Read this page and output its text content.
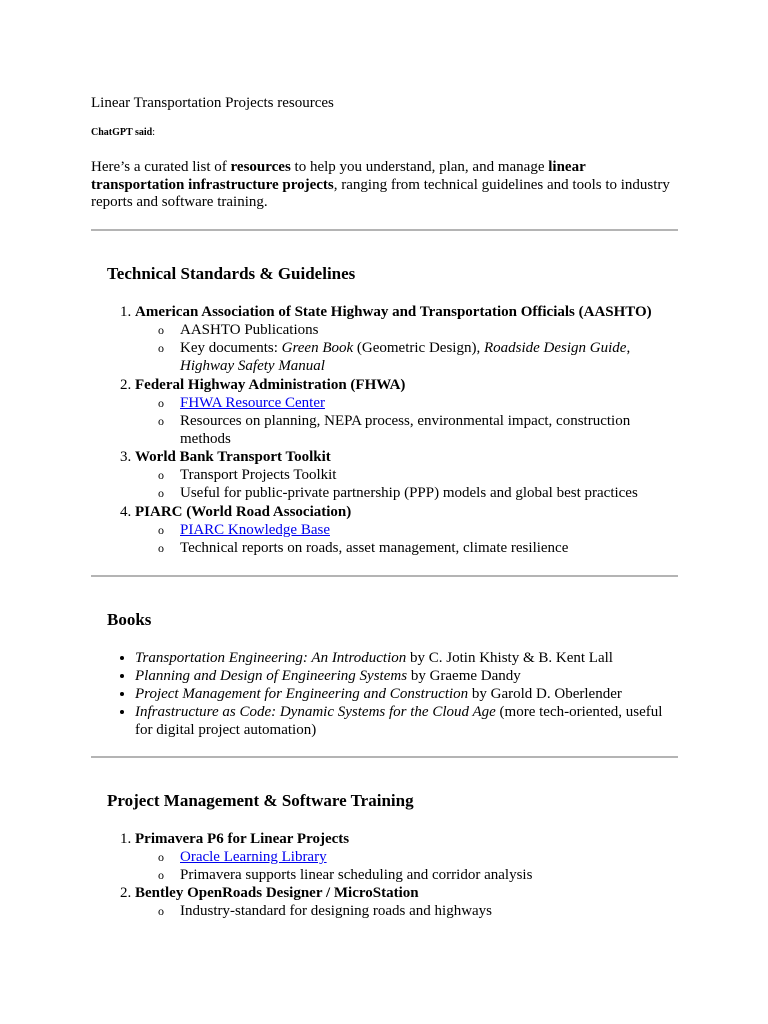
Linear Transportation Projects resources
ChatGPT said:
Here’s a curated list of resources to help you understand, plan, and manage linear transportation infrastructure projects, ranging from technical guidelines and tools to industry reports and software training.
Technical Standards & Guidelines
1. American Association of State Highway and Transportation Officials (AASHTO)
o AASHTO Publications
o Key documents: Green Book (Geometric Design), Roadside Design Guide, Highway Safety Manual
2. Federal Highway Administration (FHWA)
o FHWA Resource Center
o Resources on planning, NEPA process, environmental impact, construction methods
3. World Bank Transport Toolkit
o Transport Projects Toolkit
o Useful for public-private partnership (PPP) models and global best practices
4. PIARC (World Road Association)
o PIARC Knowledge Base
o Technical reports on roads, asset management, climate resilience
Books
• Transportation Engineering: An Introduction by C. Jotin Khisty & B. Kent Lall
• Planning and Design of Engineering Systems by Graeme Dandy
• Project Management for Engineering and Construction by Garold D. Oberlender
• Infrastructure as Code: Dynamic Systems for the Cloud Age (more tech-oriented, useful for digital project automation)
Project Management & Software Training
1. Primavera P6 for Linear Projects
o Oracle Learning Library
o Primavera supports linear scheduling and corridor analysis
2. Bentley OpenRoads Designer / MicroStation
o Industry-standard for designing roads and highways
